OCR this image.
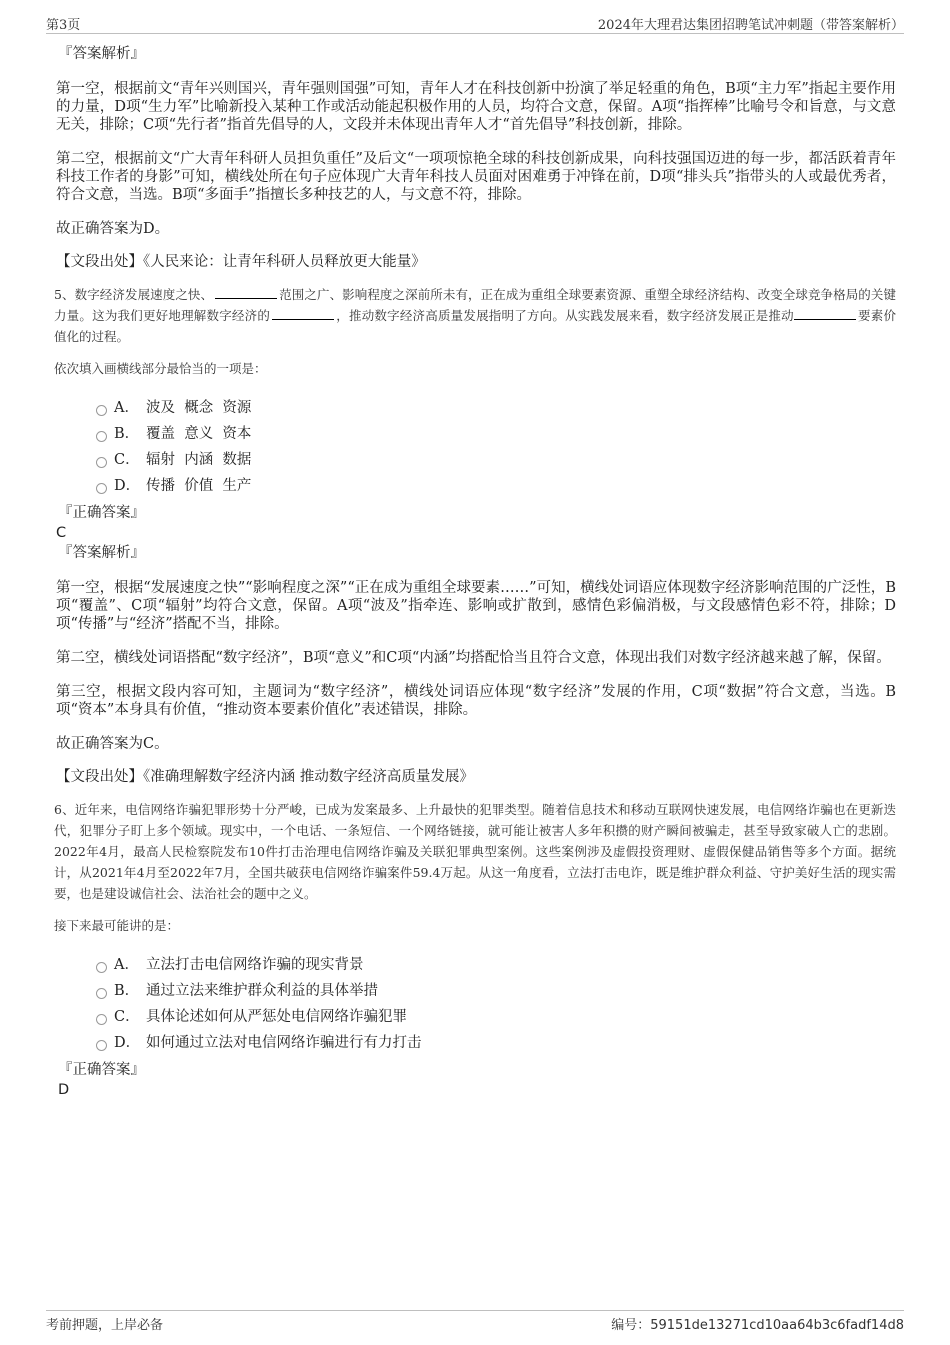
第3页	2024年大理君达集团招聘笔试冲刺题（带答案解析）
『答案解析』
第一空，根据前文“青年兴则国兴，青年强则国强”可知，青年人才在科技创新中扮演了举足轻重的角色，B项“主力军”指起主要作用的力量，D项“生力军”比喻新投入某种工作或活动能起积极作用的人员，均符合文意，保留。A项“指挥棒”比喻号令和旨意，与文意无关，排除；C项“先行者”指首先倡导的人，文段并未体现出青年人才“首先倡导”科技创新，排除。
第二空，根据前文“广大青年科研人员担负重任”及后文“一项项惊艳全球的科技创新成果，向科技强国迈进的每一步，都活跃着青年科技工作者的身影”可知，横线处所在句子应体现广大青年科技人员面对困难勇于冲锋在前，D项“排头兵”指带头的人或最优秀者，符合文意，当选。B项“多面手”指擅长多种技艺的人，与文意不符，排除。
故正确答案为D。
【文段出处】《人民来论：让青年科研人员释放更大能量》
5、数字经济发展速度之快、	范围之广、影响程度之深前所未有，正在成为重组全球要素资源、重塑全球经济结构、改变全球竞争格局的关键力量。这为我们更好地理解数字经济的	，推动数字经济高质量发展指明了方向。从实践发展来看，数字经济发展正是推动	要素价值化的过程。
依次填入画横线部分最恰当的一项是：
A． 波及  概念  资源
B． 覆盖  意义  资本
C． 辐射  内涵  数据
D． 传播  价值  生产
『正确答案』
C
『答案解析』
第一空，根据“发展速度之快”“影响程度之深”“正在成为重组全球要素……”可知，横线处词语应体现数字经济影响范围的广泛性，B项“覆盖”、C项“辐射”均符合文意，保留。A项“波及”指牵连、影响或扩散到，感情色彩偏消极，与文段感情色彩不符，排除；D项“传播”与“经济”搭配不当，排除。
第二空，横线处词语搭配“数字经济”，B项“意义”和C项“内涵”均搭配恰当且符合文意，体现出我们对数字经济越来越了解，保留。
第三空，根据文段内容可知，主题词为“数字经济”，横线处词语应体现“数字经济”发展的作用，C项“数据”符合文意，当选。B项“资本”本身具有价值，“推动资本要素价值化”表述错误，排除。
故正确答案为C。
【文段出处】《准确理解数字经济内涵 推动数字经济高质量发展》
6、近年来，电信网络诈骗犯罪形势十分严峻，已成为发案最多、上升最快的犯罪类型。随着信息技术和移动互联网快速发展，电信网络诈骗也在更新迭代，犯罪分子盯上多个领域。现实中，一个电话、一条短信、一个网络链接，就可能让被害人多年积攒的财产瞬间被骗走，甚至导致家破人亡的悲剧。2022年4月，最高人民检察院发布10件打击治理电信网络诈骗及关联犯罪典型案例。这些案例涉及虚假投资理财、虚假保健品销售等多个方面。据统计，从2021年4月至2022年7月，全国共破获电信网络诈骗案件59.4万起。从这一角度看，立法打击电诈，既是维护群众利益、守护美好生活的现实需要，也是建设诚信社会、法治社会的题中之义。
接下来最可能讲的是：
A． 立法打击电信网络诈骗的现实背景
B． 通过立法来维护群众利益的具体举措
C． 具体论述如何从严惩处电信网络诈骗犯罪
D． 如何通过立法对电信网络诈骗进行有力打击
『正确答案』
D
考前押题，上岸必备	编号：59151de13271cd10aa64b3c6fadf14d8
